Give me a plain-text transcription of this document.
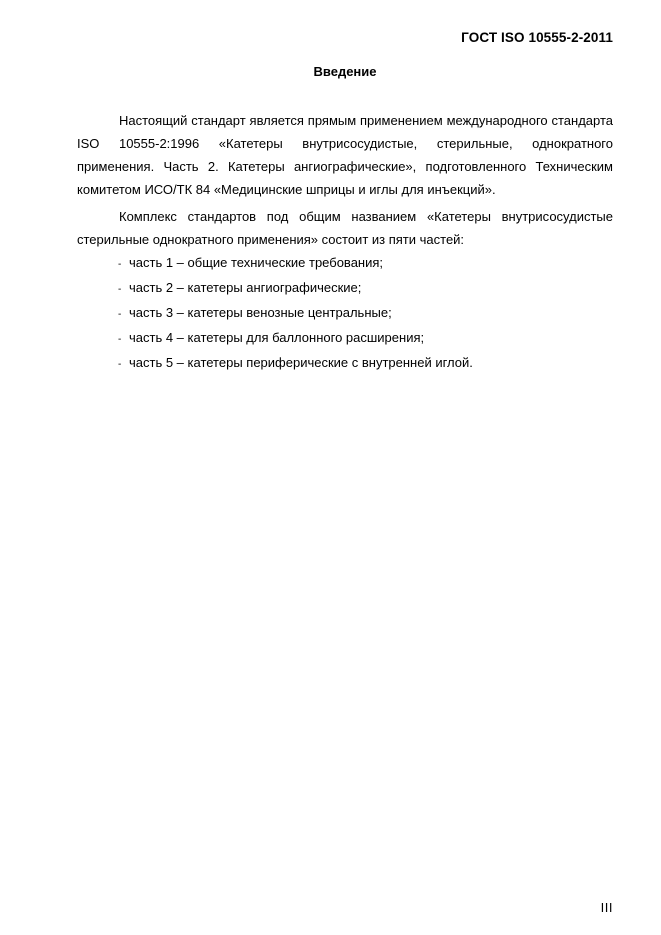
ГОСТ ISO 10555-2-2011
Введение

Настоящий стандарт является прямым применением международного стандарта ISO 10555-2:1996 «Катетеры внутрисосудистые, стерильные, однократного применения. Часть 2. Катетеры ангиографические», подготовленного Техническим комитетом ИСО/ТК 84 «Медицинские шприцы и иглы для инъекций».

Комплекс стандартов под общим названием «Катетеры внутрисосудистые стерильные однократного применения» состоит из пяти частей:

- часть 1 – общие технические требования;
- часть 2 – катетеры ангиографические;
- часть 3 – катетеры венозные центральные;
- часть 4 – катетеры для баллонного расширения;
- часть 5 – катетеры периферические с внутренней иглой.
III
